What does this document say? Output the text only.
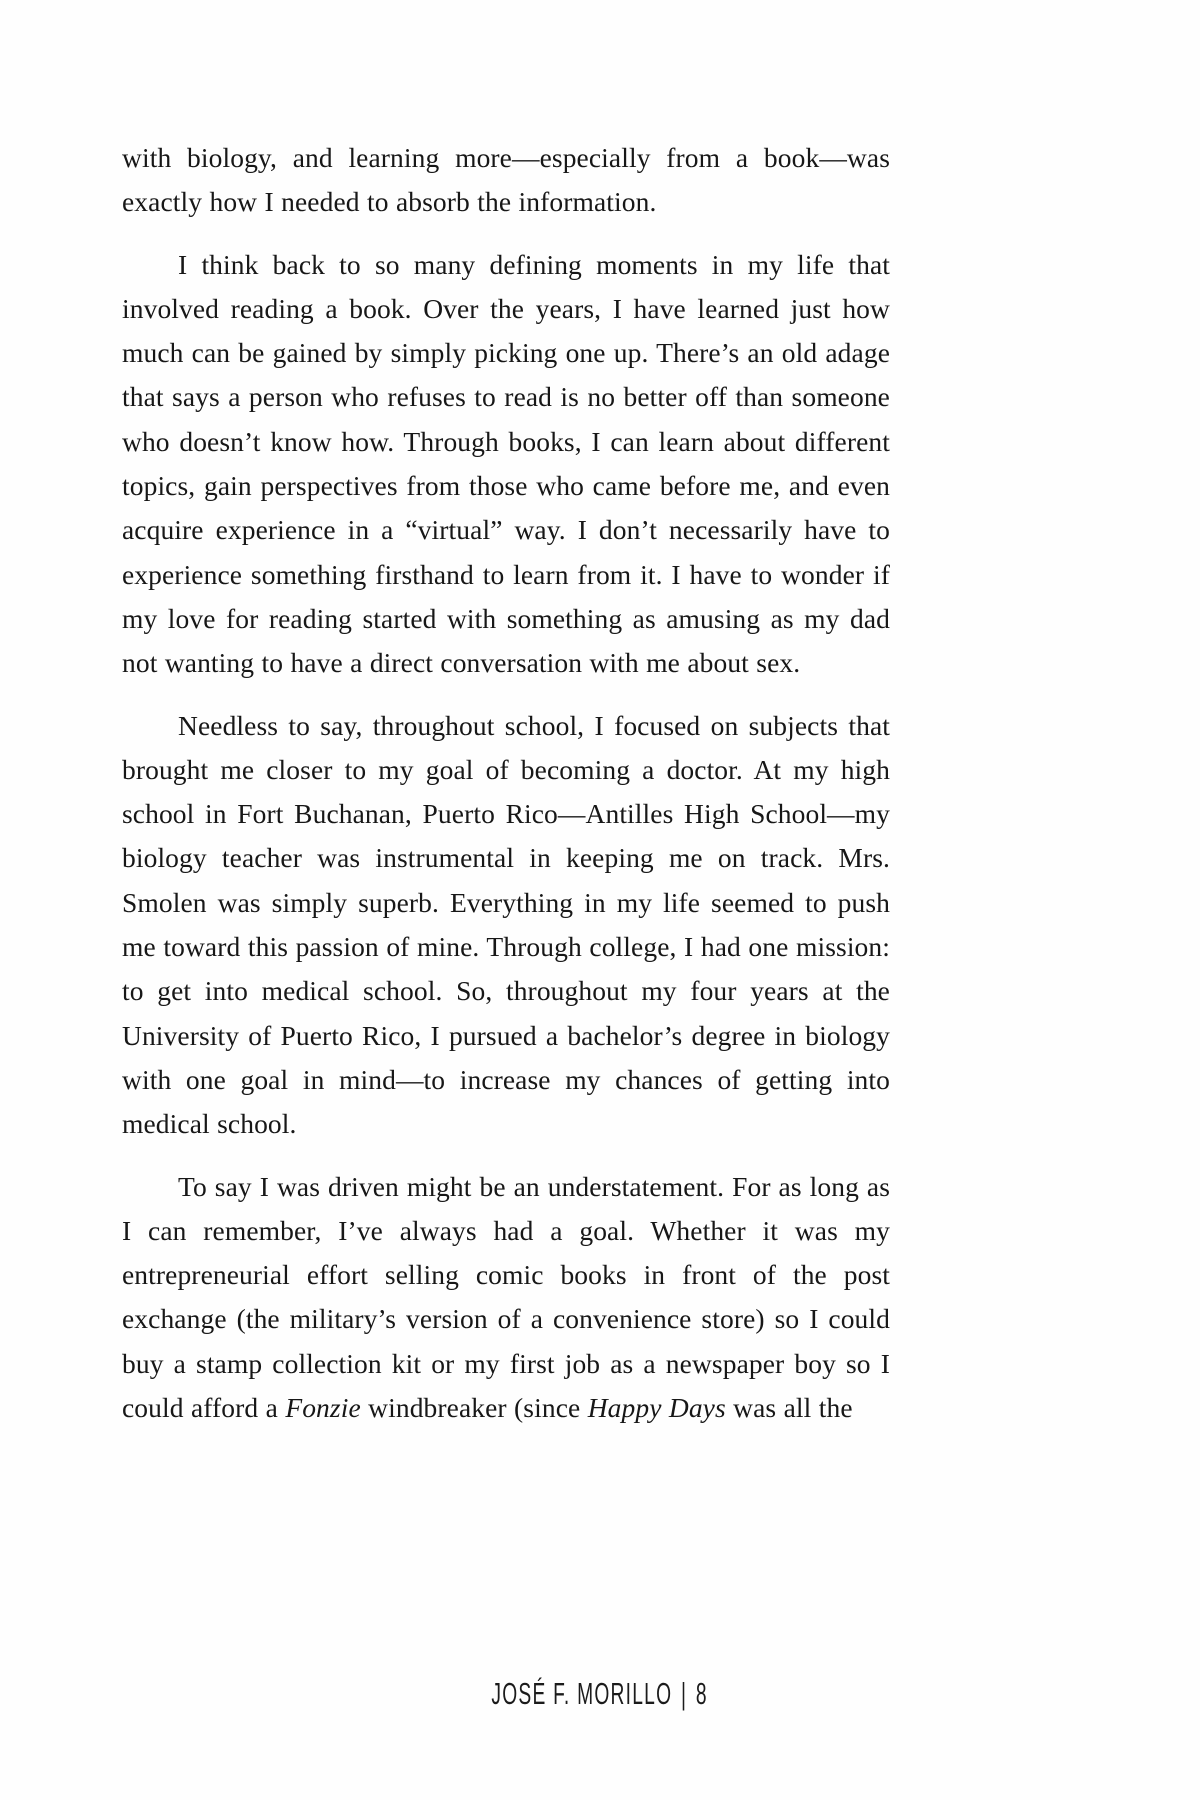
with biology, and learning more—especially from a book—was exactly how I needed to absorb the information.

I think back to so many defining moments in my life that involved reading a book. Over the years, I have learned just how much can be gained by simply picking one up. There’s an old adage that says a person who refuses to read is no better off than someone who doesn’t know how. Through books, I can learn about different topics, gain perspectives from those who came before me, and even acquire experience in a “virtual” way. I don’t necessarily have to experience something firsthand to learn from it. I have to wonder if my love for reading started with something as amusing as my dad not wanting to have a direct conversation with me about sex.

Needless to say, throughout school, I focused on subjects that brought me closer to my goal of becoming a doctor. At my high school in Fort Buchanan, Puerto Rico—Antilles High School—my biology teacher was instrumental in keeping me on track. Mrs. Smolen was simply superb. Everything in my life seemed to push me toward this passion of mine. Through college, I had one mission: to get into medical school. So, throughout my four years at the University of Puerto Rico, I pursued a bachelor’s degree in biology with one goal in mind—to increase my chances of getting into medical school.

To say I was driven might be an understatement. For as long as I can remember, I’ve always had a goal. Whether it was my entrepreneurial effort selling comic books in front of the post exchange (the military’s version of a convenience store) so I could buy a stamp collection kit or my first job as a newspaper boy so I could afford a Fonzie windbreaker (since Happy Days was all the

JOSÉ F. MORILLO | 8
